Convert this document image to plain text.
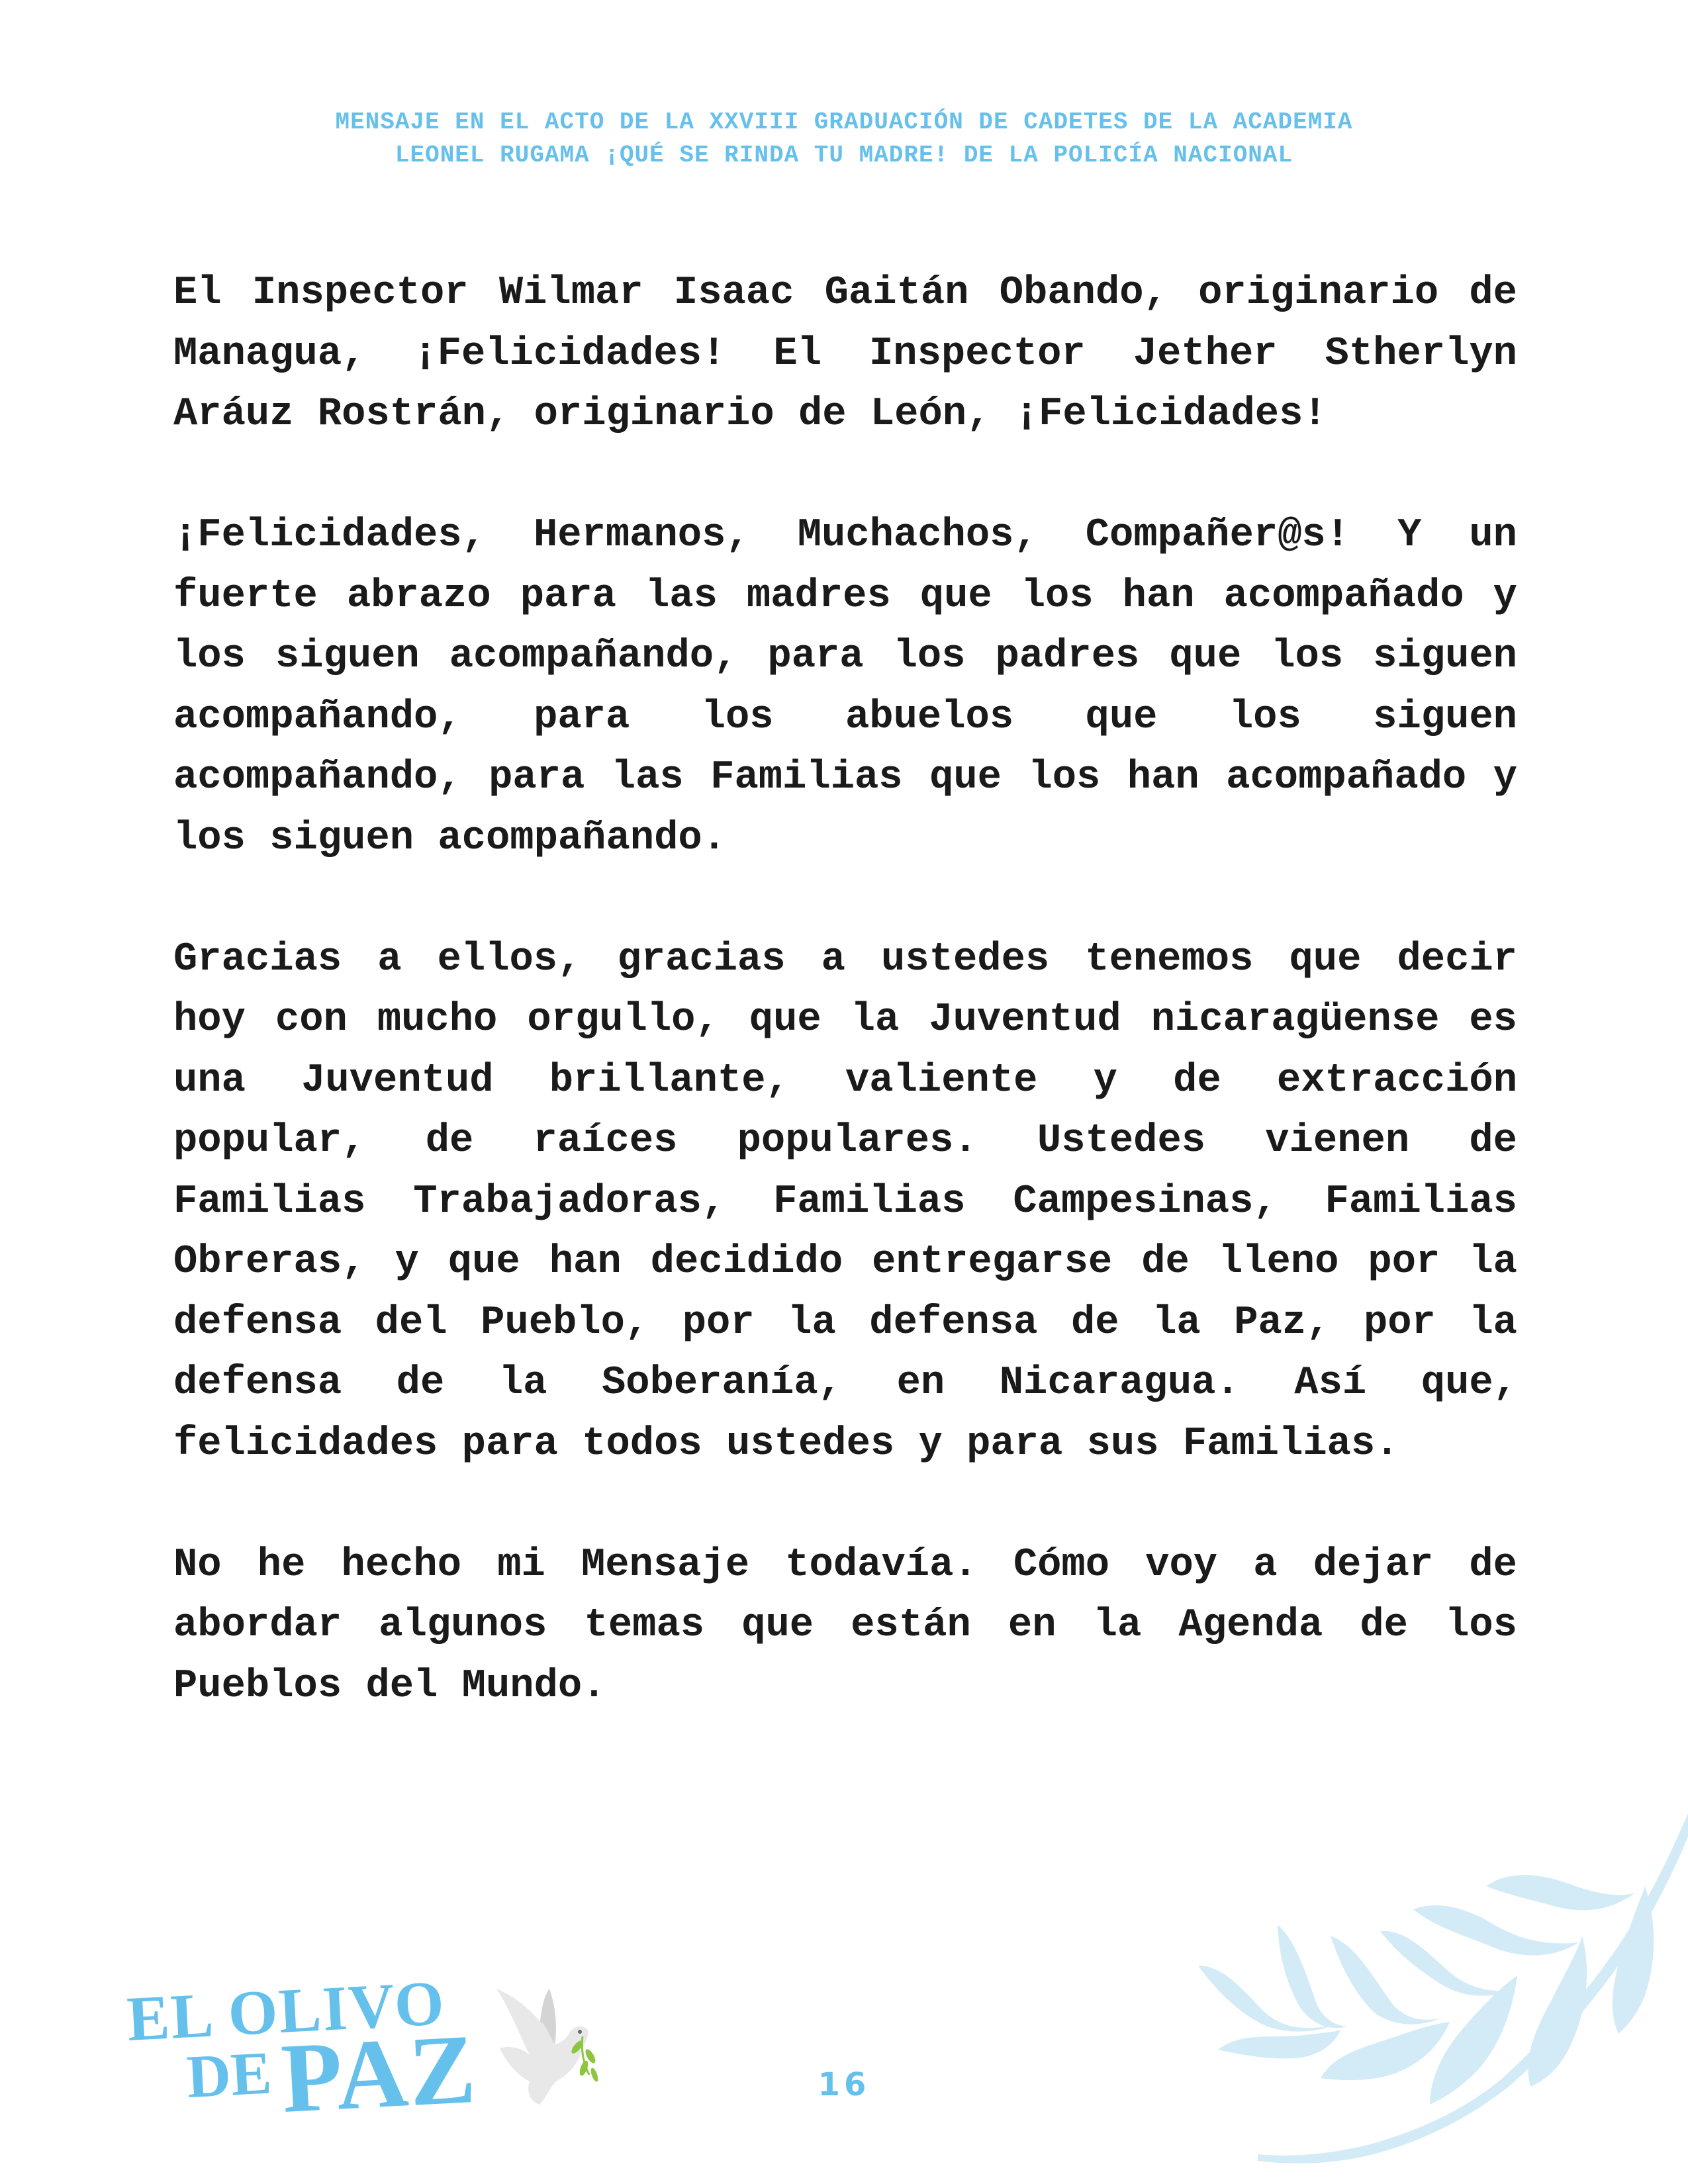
MENSAJE EN EL ACTO DE LA XXVIII GRADUACIÓN DE CADETES DE LA ACADEMIA
LEONEL RUGAMA ¡QUÉ SE RINDA TU MADRE! DE LA POLICÍA NACIONAL

El Inspector Wilmar Isaac Gaitán Obando, originario de Managua, ¡Felicidades! El Inspector Jether Stherlyn Aráuz Rostrán, originario de León, ¡Felicidades!

¡Felicidades, Hermanos, Muchachos, Compañer@s! Y un fuerte abrazo para las madres que los han acompañado y los siguen acompañando, para los padres que los siguen acompañando, para los abuelos que los siguen acompañando, para las Familias que los han acompañado y los siguen acompañando.

Gracias a ellos, gracias a ustedes tenemos que decir hoy con mucho orgullo, que la Juventud nicaragüense es una Juventud brillante, valiente y de extracción popular, de raíces populares. Ustedes vienen de Familias Trabajadoras, Familias Campesinas, Familias Obreras, y que han decidido entregarse de lleno por la defensa del Pueblo, por la defensa de la Paz, por la defensa de la Soberanía, en Nicaragua. Así que, felicidades para todos ustedes y para sus Familias.

No he hecho mi Mensaje todavía. Cómo voy a dejar de abordar algunos temas que están en la Agenda de los Pueblos del Mundo.

EL OLIVO
DE PAZ	16
